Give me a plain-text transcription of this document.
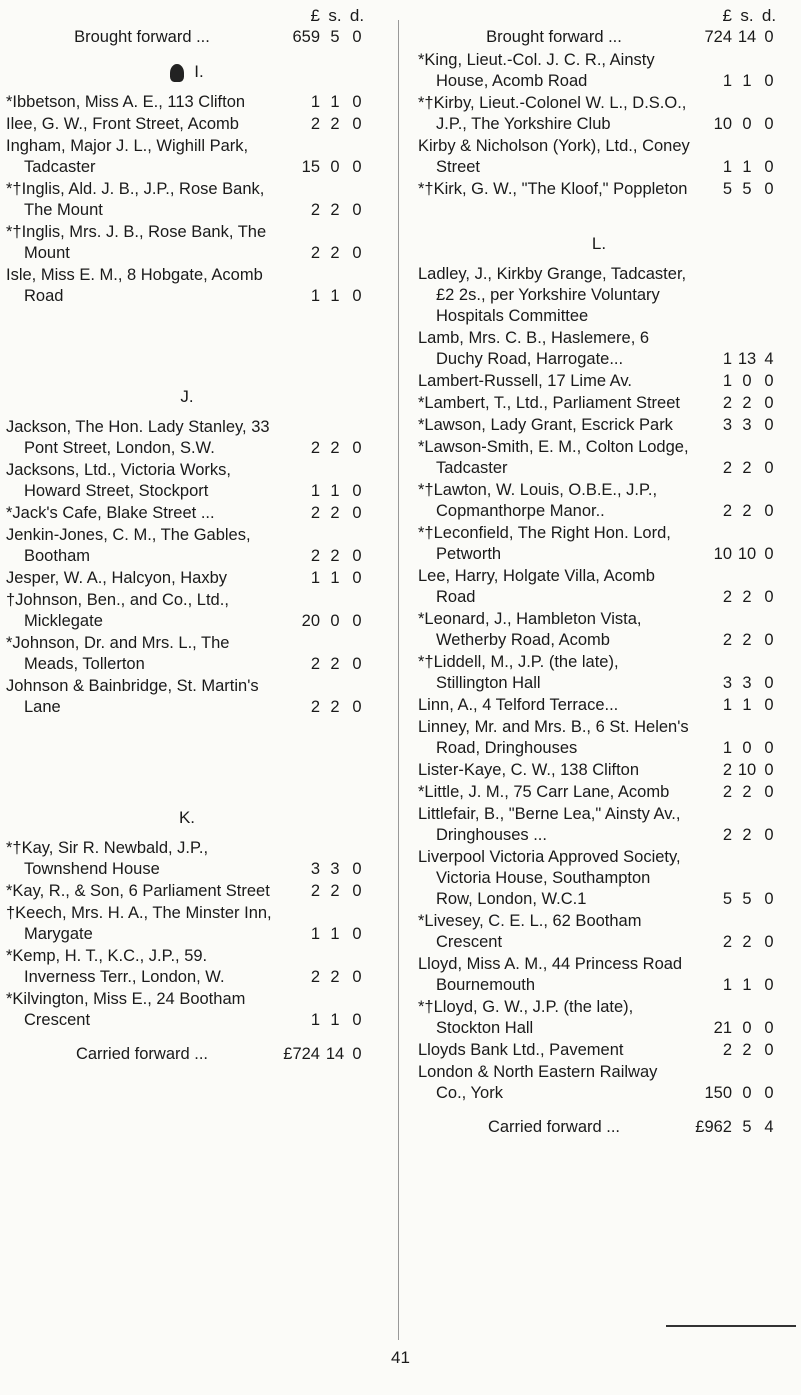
£ s. d.
Brought forward ...	659 5 0
I.
*Ibbetson, Miss A. E., 113 Clifton	1 1 0
Ilee, G. W., Front Street, Acomb	2 2 0
Ingham, Major J. L., Wighill Park, Tadcaster	15 0 0
*†Inglis, Ald. J. B., J.P., Rose Bank, The Mount	2 2 0
*†Inglis, Mrs. J. B., Rose Bank, The Mount	2 2 0
Isle, Miss E. M., 8 Hobgate, Acomb Road	1 1 0
J.
Jackson, The Hon. Lady Stanley, 33 Pont Street, London, S.W.	2 2 0
Jacksons, Ltd., Victoria Works, Howard Street, Stockport	1 1 0
*Jack's Cafe, Blake Street ...	2 2 0
Jenkin-Jones, C. M., The Gables, Bootham	2 2 0
Jesper, W. A., Halcyon, Haxby	1 1 0
†Johnson, Ben., and Co., Ltd., Micklegate	20 0 0
*Johnson, Dr. and Mrs. L., The Meads, Tollerton	2 2 0
Johnson & Bainbridge, St. Martin's Lane	2 2 0
K.
*†Kay, Sir R. Newbald, J.P., Townshend House	3 3 0
*Kay, R., & Son, 6 Parliament Street	2 2 0
†Keech, Mrs. H. A., The Minster Inn, Marygate	1 1 0
*Kemp, H. T., K.C., J.P., 59. Inverness Terr., London, W.	2 2 0
*Kilvington, Miss E., 24 Bootham Crescent	1 1 0
Carried forward ...	£724 14 0
£ s. d.
Brought forward ...	724 14 0
*King, Lieut.-Col. J. C. R., Ainsty House, Acomb Road	1 1 0
*†Kirby, Lieut.-Colonel W. L., D.S.O., J.P., The Yorkshire Club	10 0 0
Kirby & Nicholson (York), Ltd., Coney Street	1 1 0
*†Kirk, G. W., "The Kloof," Poppleton	5 5 0
L.
Ladley, J., Kirkby Grange, Tadcaster, £2 2s., per Yorkshire Voluntary Hospitals Committee
Lamb, Mrs. C. B., Haslemere, 6 Duchy Road, Harrogate...	1 13 4
Lambert-Russell, 17 Lime Av.	1 0 0
*Lambert, T., Ltd., Parliament Street	2 2 0
*Lawson, Lady Grant, Escrick Park	3 3 0
*Lawson-Smith, E. M., Colton Lodge, Tadcaster	2 2 0
*†Lawton, W. Louis, O.B.E., J.P., Copmanthorpe Manor..	2 2 0
*†Leconfield, The Right Hon. Lord, Petworth	10 10 0
Lee, Harry, Holgate Villa, Acomb Road	2 2 0
*Leonard, J., Hambleton Vista, Wetherby Road, Acomb	2 2 0
*†Liddell, M., J.P. (the late), Stillington Hall	3 3 0
Linn, A., 4 Telford Terrace...	1 1 0
Linney, Mr. and Mrs. B., 6 St. Helen's Road, Dringhouses	1 0 0
Lister-Kaye, C. W., 138 Clifton	2 10 0
*Little, J. M., 75 Carr Lane, Acomb	2 2 0
Littlefair, B., "Berne Lea," Ainsty Av., Dringhouses ...	2 2 0
Liverpool Victoria Approved Society, Victoria House, Southampton Row, London, W.C.1	5 5 0
*Livesey, C. E. L., 62 Bootham Crescent	2 2 0
Lloyd, Miss A. M., 44 Princess Road Bournemouth	1 1 0
*†Lloyd, G. W., J.P. (the late), Stockton Hall	21 0 0
Lloyds Bank Ltd., Pavement	2 2 0
London & North Eastern Railway Co., York	150 0 0
Carried forward ...	£962 5 4
41
